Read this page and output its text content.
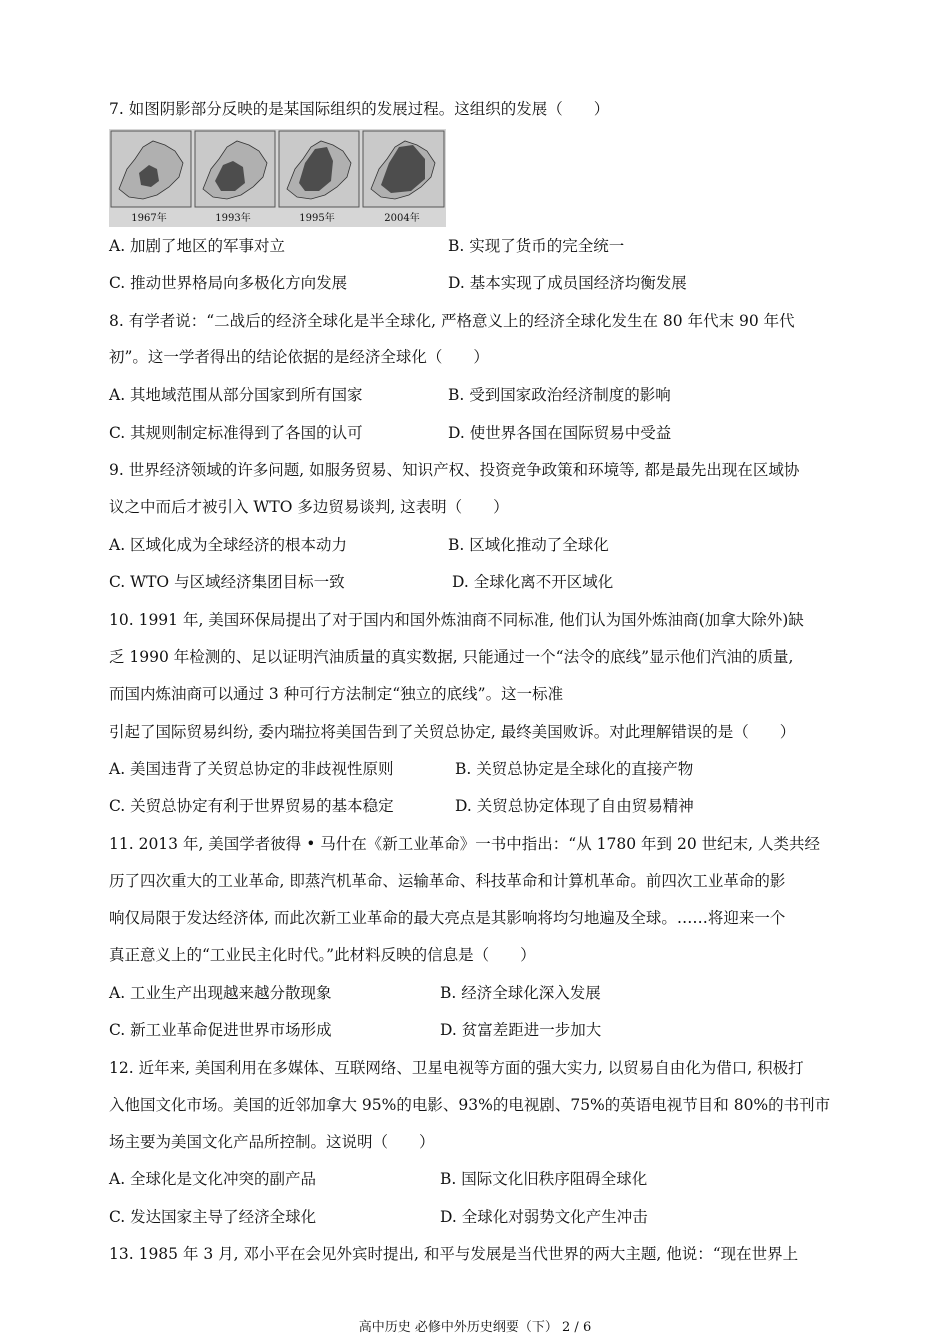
7. 如图阴影部分反映的是某国际组织的发展过程。这组织的发展（　　）
1967年	1993年	1995年	2004年
A. 加剧了地区的军事对立	B. 实现了货币的完全统一
C. 推动世界格局向多极化方向发展	D. 基本实现了成员国经济均衡发展
8. 有学者说：“二战后的经济全球化是半全球化, 严格意义上的经济全球化发生在 80 年代末 90 年代
初”。这一学者得出的结论依据的是经济全球化（　　）
A. 其地域范围从部分国家到所有国家	B. 受到国家政治经济制度的影响
C. 其规则制定标准得到了各国的认可	D. 使世界各国在国际贸易中受益
9. 世界经济领域的许多问题, 如服务贸易、知识产权、投资竞争政策和环境等, 都是最先出现在区域协
议之中而后才被引入 WTO 多边贸易谈判, 这表明（　　）
A. 区域化成为全球经济的根本动力	B. 区域化推动了全球化
C. WTO 与区域经济集团目标一致	D. 全球化离不开区域化
10. 1991 年, 美国环保局提出了对于国内和国外炼油商不同标准, 他们认为国外炼油商(加拿大除外)缺
乏 1990 年检测的、足以证明汽油质量的真实数据, 只能通过一个“法令的底线”显示他们汽油的质量,
而国内炼油商可以通过 3 种可行方法制定“独立的底线”。这一标准
引起了国际贸易纠纷, 委内瑞拉将美国告到了关贸总协定, 最终美国败诉。对此理解错误的是（　　）
A. 美国违背了关贸总协定的非歧视性原则	B. 关贸总协定是全球化的直接产物
C. 关贸总协定有利于世界贸易的基本稳定	D. 关贸总协定体现了自由贸易精神
11. 2013 年, 美国学者彼得 • 马什在《新工业革命》一书中指出：“从 1780 年到 20 世纪末, 人类共经
历了四次重大的工业革命, 即蒸汽机革命、运输革命、科技革命和计算机革命。前四次工业革命的影
响仅局限于发达经济体, 而此次新工业革命的最大亮点是其影响将均匀地遍及全球。……将迎来一个
真正意义上的“工业民主化时代。”此材料反映的信息是（　　）
A. 工业生产出现越来越分散现象	B. 经济全球化深入发展
C. 新工业革命促进世界市场形成	D. 贫富差距进一步加大
12. 近年来, 美国利用在多媒体、互联网络、卫星电视等方面的强大实力, 以贸易自由化为借口, 积极打
入他国文化市场。美国的近邻加拿大 95%的电影、93%的电视剧、75%的英语电视节目和 80%的书刊市
场主要为美国文化产品所控制。这说明（　　）
A. 全球化是文化冲突的副产品	B. 国际文化旧秩序阻碍全球化
C. 发达国家主导了经济全球化	D. 全球化对弱势文化产生冲击
13. 1985 年 3 月, 邓小平在会见外宾时提出, 和平与发展是当代世界的两大主题, 他说：“现在世界上
高中历史 必修中外历史纲要（下） 2 / 6
